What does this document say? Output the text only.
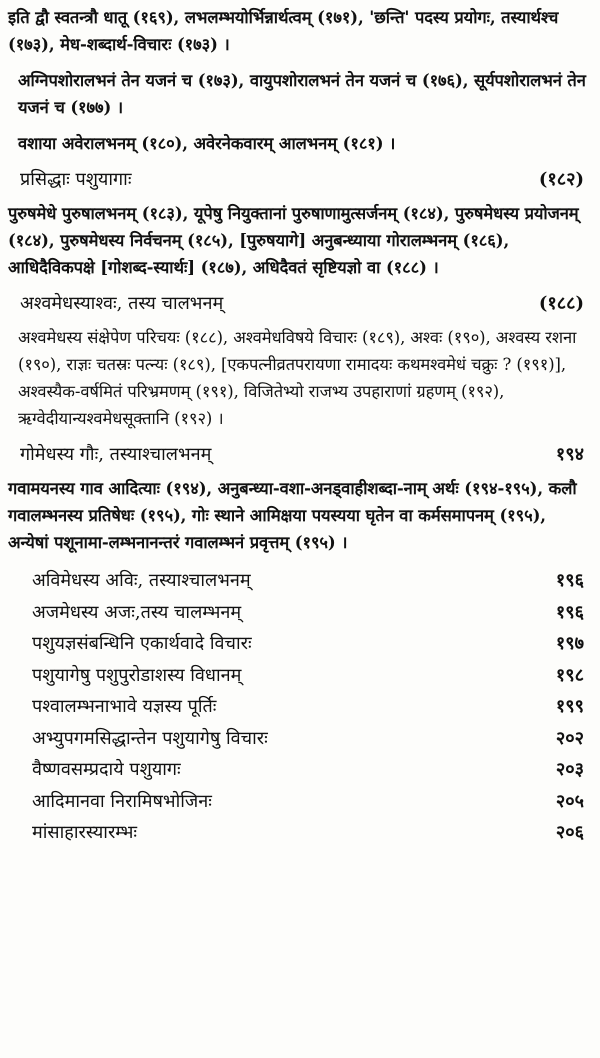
इति द्वौ स्वतन्त्रौ धातू (१६९), लभलम्भयोर्भिन्नार्थत्वम् (१७१), 'छन्ति' पदस्य प्रयोगः, तस्यार्थश्च (१७३), मेध-शब्दार्थ-विचारः (१७३) ।

अग्निपशोरालभनं तेन यजनं च (१७३), वायुपशोरालभनं तेन यजनं च (१७६), सूर्यपशोरालभनं तेन यजनं च (१७७) ।

वशाया अवेरालभनम् (१८०), अवेरनेकवारम् आलभनम् (१८१) ।

प्रसिद्धाः पशुयागाः	(१८२)

पुरुषमेधे पुरुषालभनम् (१८३), यूपेषु नियुक्तानां पुरुषाणामुत्सर्जनम् (१८४), पुरुषमेधस्य प्रयोजनम् (१८४), पुरुषमेधस्य निर्वचनम् (१८५), [पुरुषयागे] अनुबन्ध्याया गोरालम्भनम् (१८६), आधिदैविकपक्षे [गोशब्द-स्यार्थः] (१८७), अधिदैवतं सृष्टियज्ञो वा (१८८) ।

अश्वमेधस्याश्वः, तस्य चालभनम्	(१८८)

अश्वमेधस्य संक्षेपेण परिचयः (१८८), अश्वमेधविषये विचारः (१८९), अश्वः (१९०), अश्वस्य रशना (१९०), राज्ञः चतस्रः पत्न्यः (१८९), [एकपत्नीव्रतपरायणा रामादयः कथमश्वमेधं चक्रुः ? (१९१)], अश्वस्यैक-वर्षमितं परिभ्रमणम् (१९१), विजितेभ्यो राजभ्य उपहाराणां ग्रहणम् (१९२), ऋग्वेदीयान्यश्वमेधसूक्तानि (१९२) ।

गोमेधस्य गौः, तस्याश्चालभनम्	१९४

गवामयनस्य गाव आदित्याः (१९४), अनुबन्ध्या-वशा-अनड्वाहीशब्दा-नाम् अर्थः (१९४-१९५), कलौ गवालम्भनस्य प्रतिषेधः (१९५), गोः स्थाने आमिक्षया पयस्यया घृतेन वा कर्मसमापनम् (१९५), अन्येषां पशूनामा-लम्भनानन्तरं गवालम्भनं प्रवृत्तम् (१९५) ।

अविमेधस्य अविः, तस्याश्चालभनम्	१९६
अजमेधस्य अजः,तस्य चालम्भनम्	१९६
पशुयज्ञसंबन्धिनि एकार्थवादे विचारः	१९७
पशुयागेषु पशुपुरोडाशस्य विधानम्	१९८
पश्वालम्भनाभावे यज्ञस्य पूर्तिः	१९९
अभ्युपगमसिद्धान्तेन पशुयागेषु विचारः	२०२
वैष्णवसम्प्रदाये पशुयागः	२०३
आदिमानवा निरामिषभोजिनः	२०५
मांसाहारस्यारम्भः	२०६
